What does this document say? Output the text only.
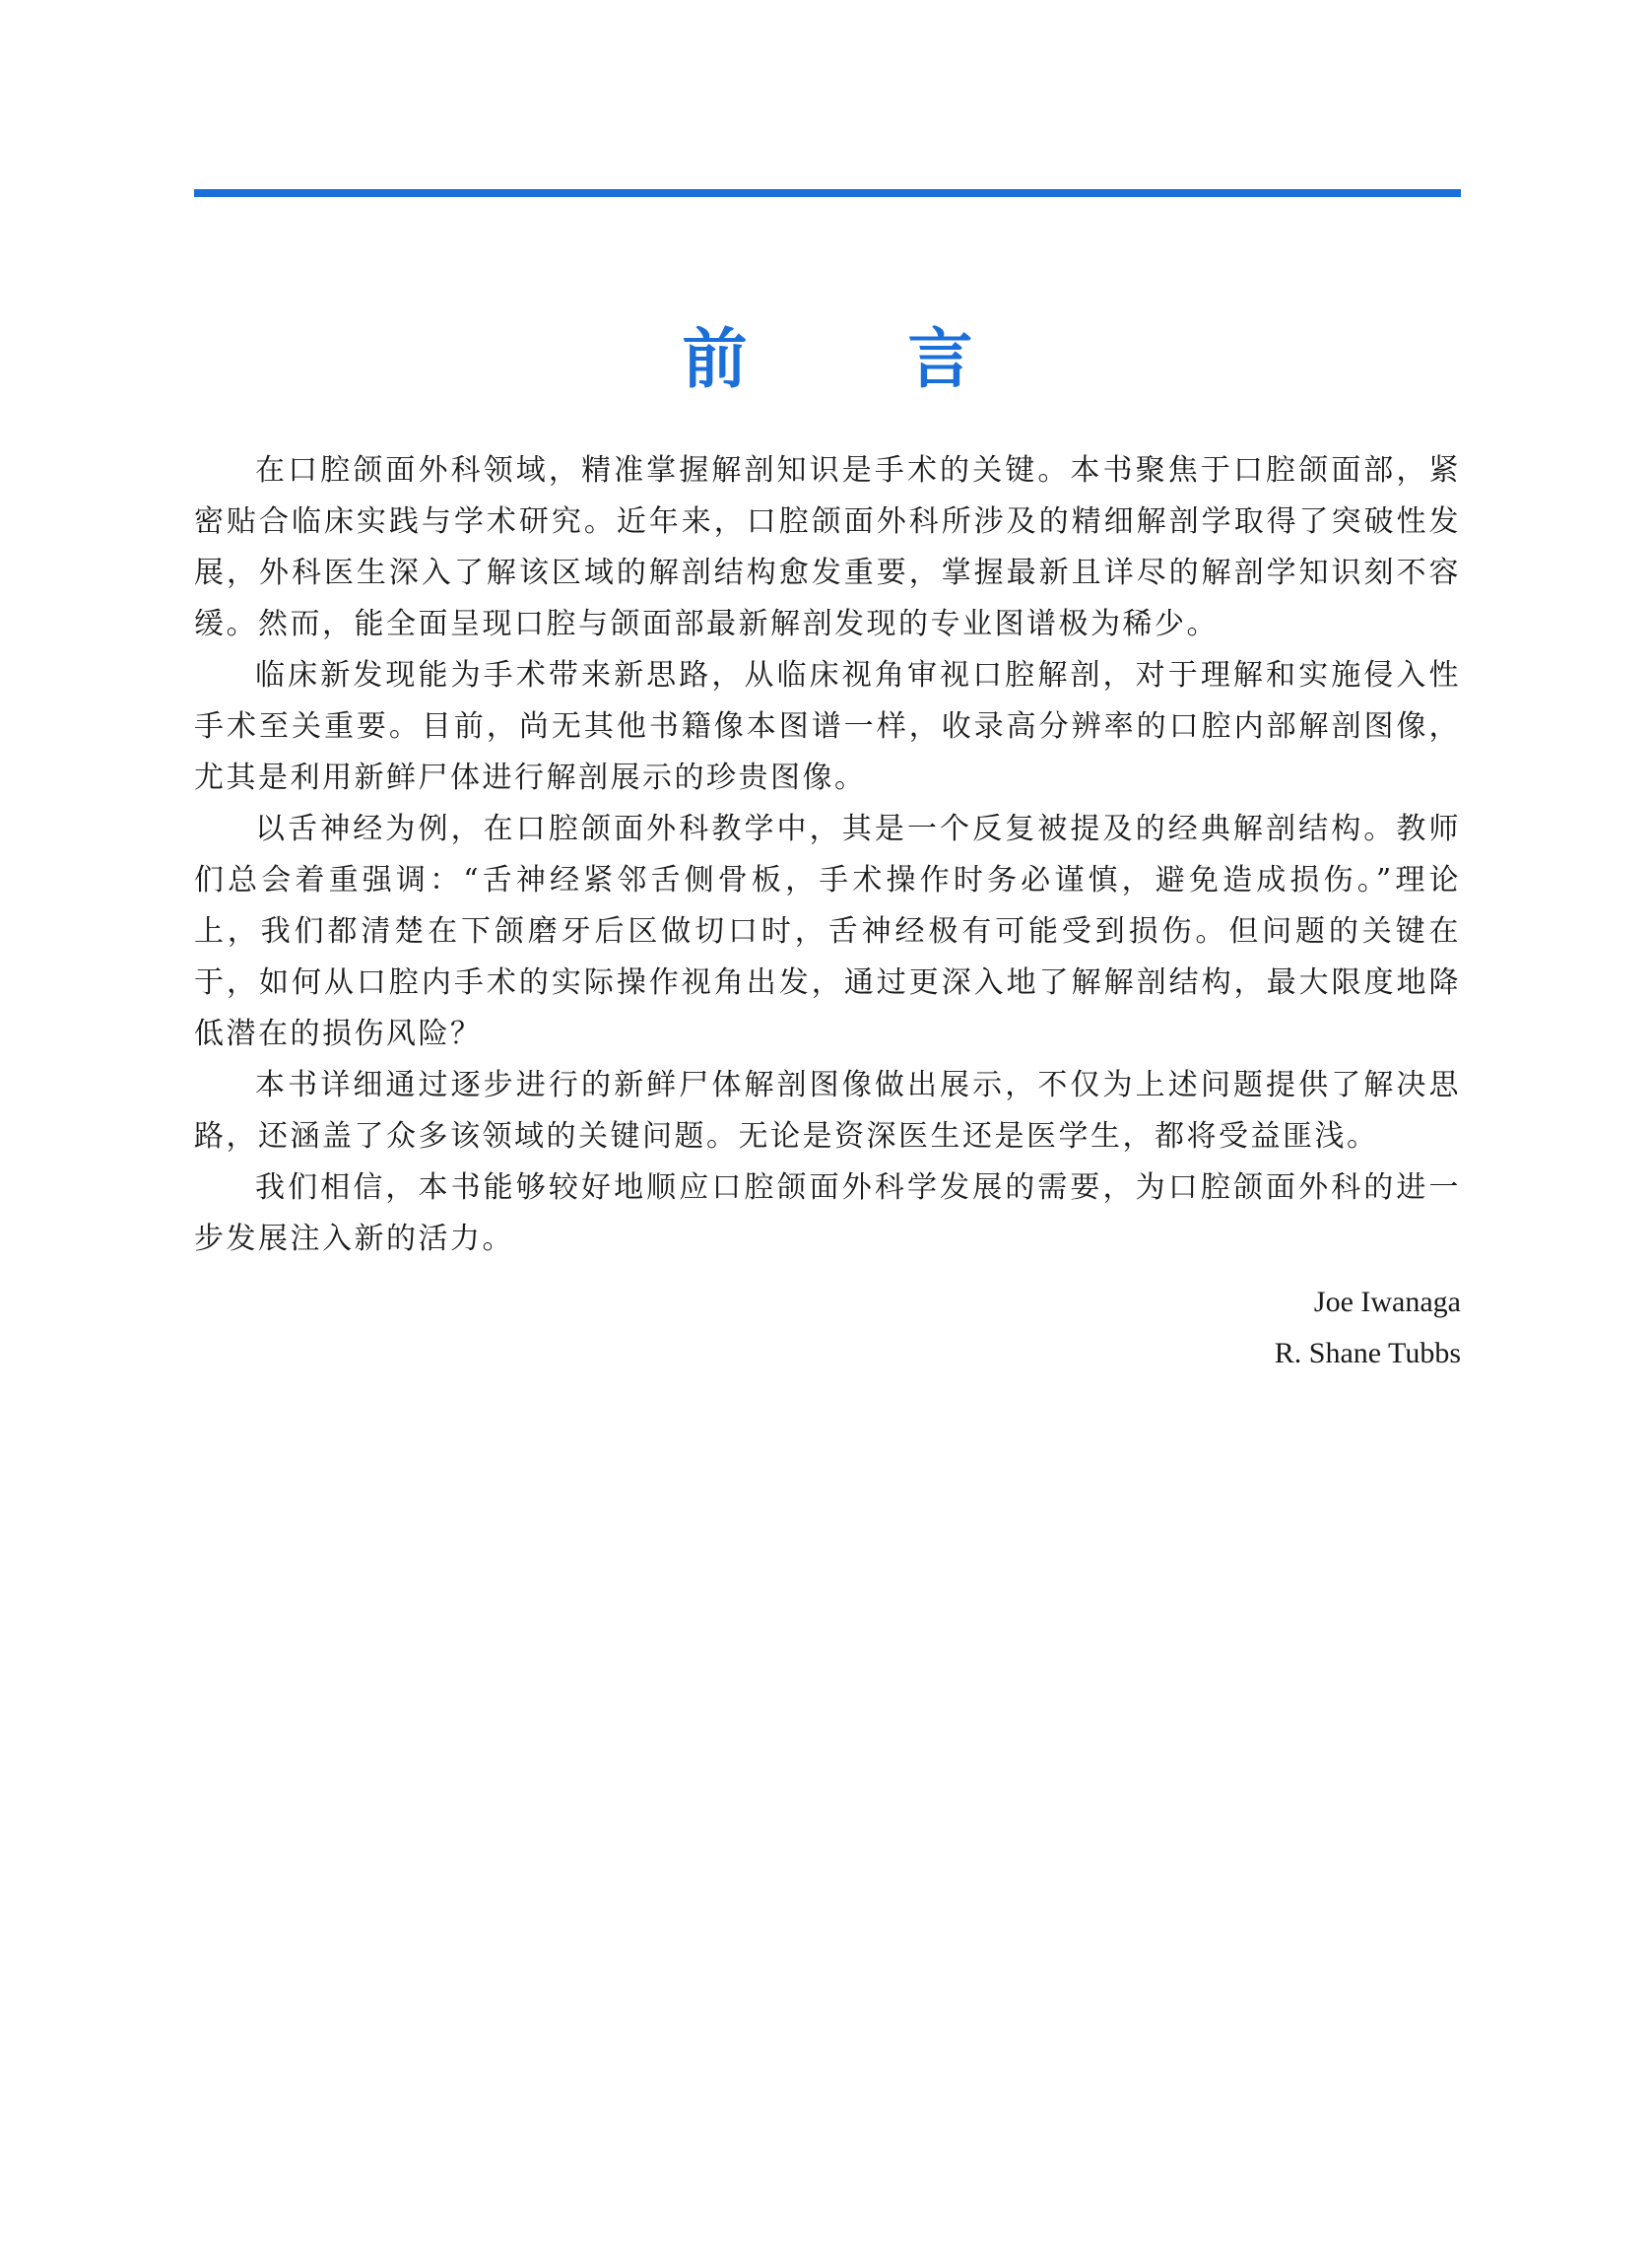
前 言

在口腔颌面外科领域，精准掌握解剖知识是手术的关键。本书聚焦于口腔颌面部，紧密贴合临床实践与学术研究。近年来，口腔颌面外科所涉及的精细解剖学取得了突破性发展，外科医生深入了解该区域的解剖结构愈发重要，掌握最新且详尽的解剖学知识刻不容缓。然而，能全面呈现口腔与颌面部最新解剖发现的专业图谱极为稀少。

临床新发现能为手术带来新思路，从临床视角审视口腔解剖，对于理解和实施侵入性手术至关重要。目前，尚无其他书籍像本图谱一样，收录高分辨率的口腔内部解剖图像，尤其是利用新鲜尸体进行解剖展示的珍贵图像。

以舌神经为例，在口腔颌面外科教学中，其是一个反复被提及的经典解剖结构。教师们总会着重强调：“舌神经紧邻舌侧骨板，手术操作时务必谨慎，避免造成损伤。”理论上，我们都清楚在下颌磨牙后区做切口时，舌神经极有可能受到损伤。但问题的关键在于，如何从口腔内手术的实际操作视角出发，通过更深入地了解解剖结构，最大限度地降低潜在的损伤风险？

本书详细通过逐步进行的新鲜尸体解剖图像做出展示，不仅为上述问题提供了解决思路，还涵盖了众多该领域的关键问题。无论是资深医生还是医学生，都将受益匪浅。

我们相信，本书能够较好地顺应口腔颌面外科学发展的需要，为口腔颌面外科的进一步发展注入新的活力。

Joe Iwanaga
R. Shane Tubbs
